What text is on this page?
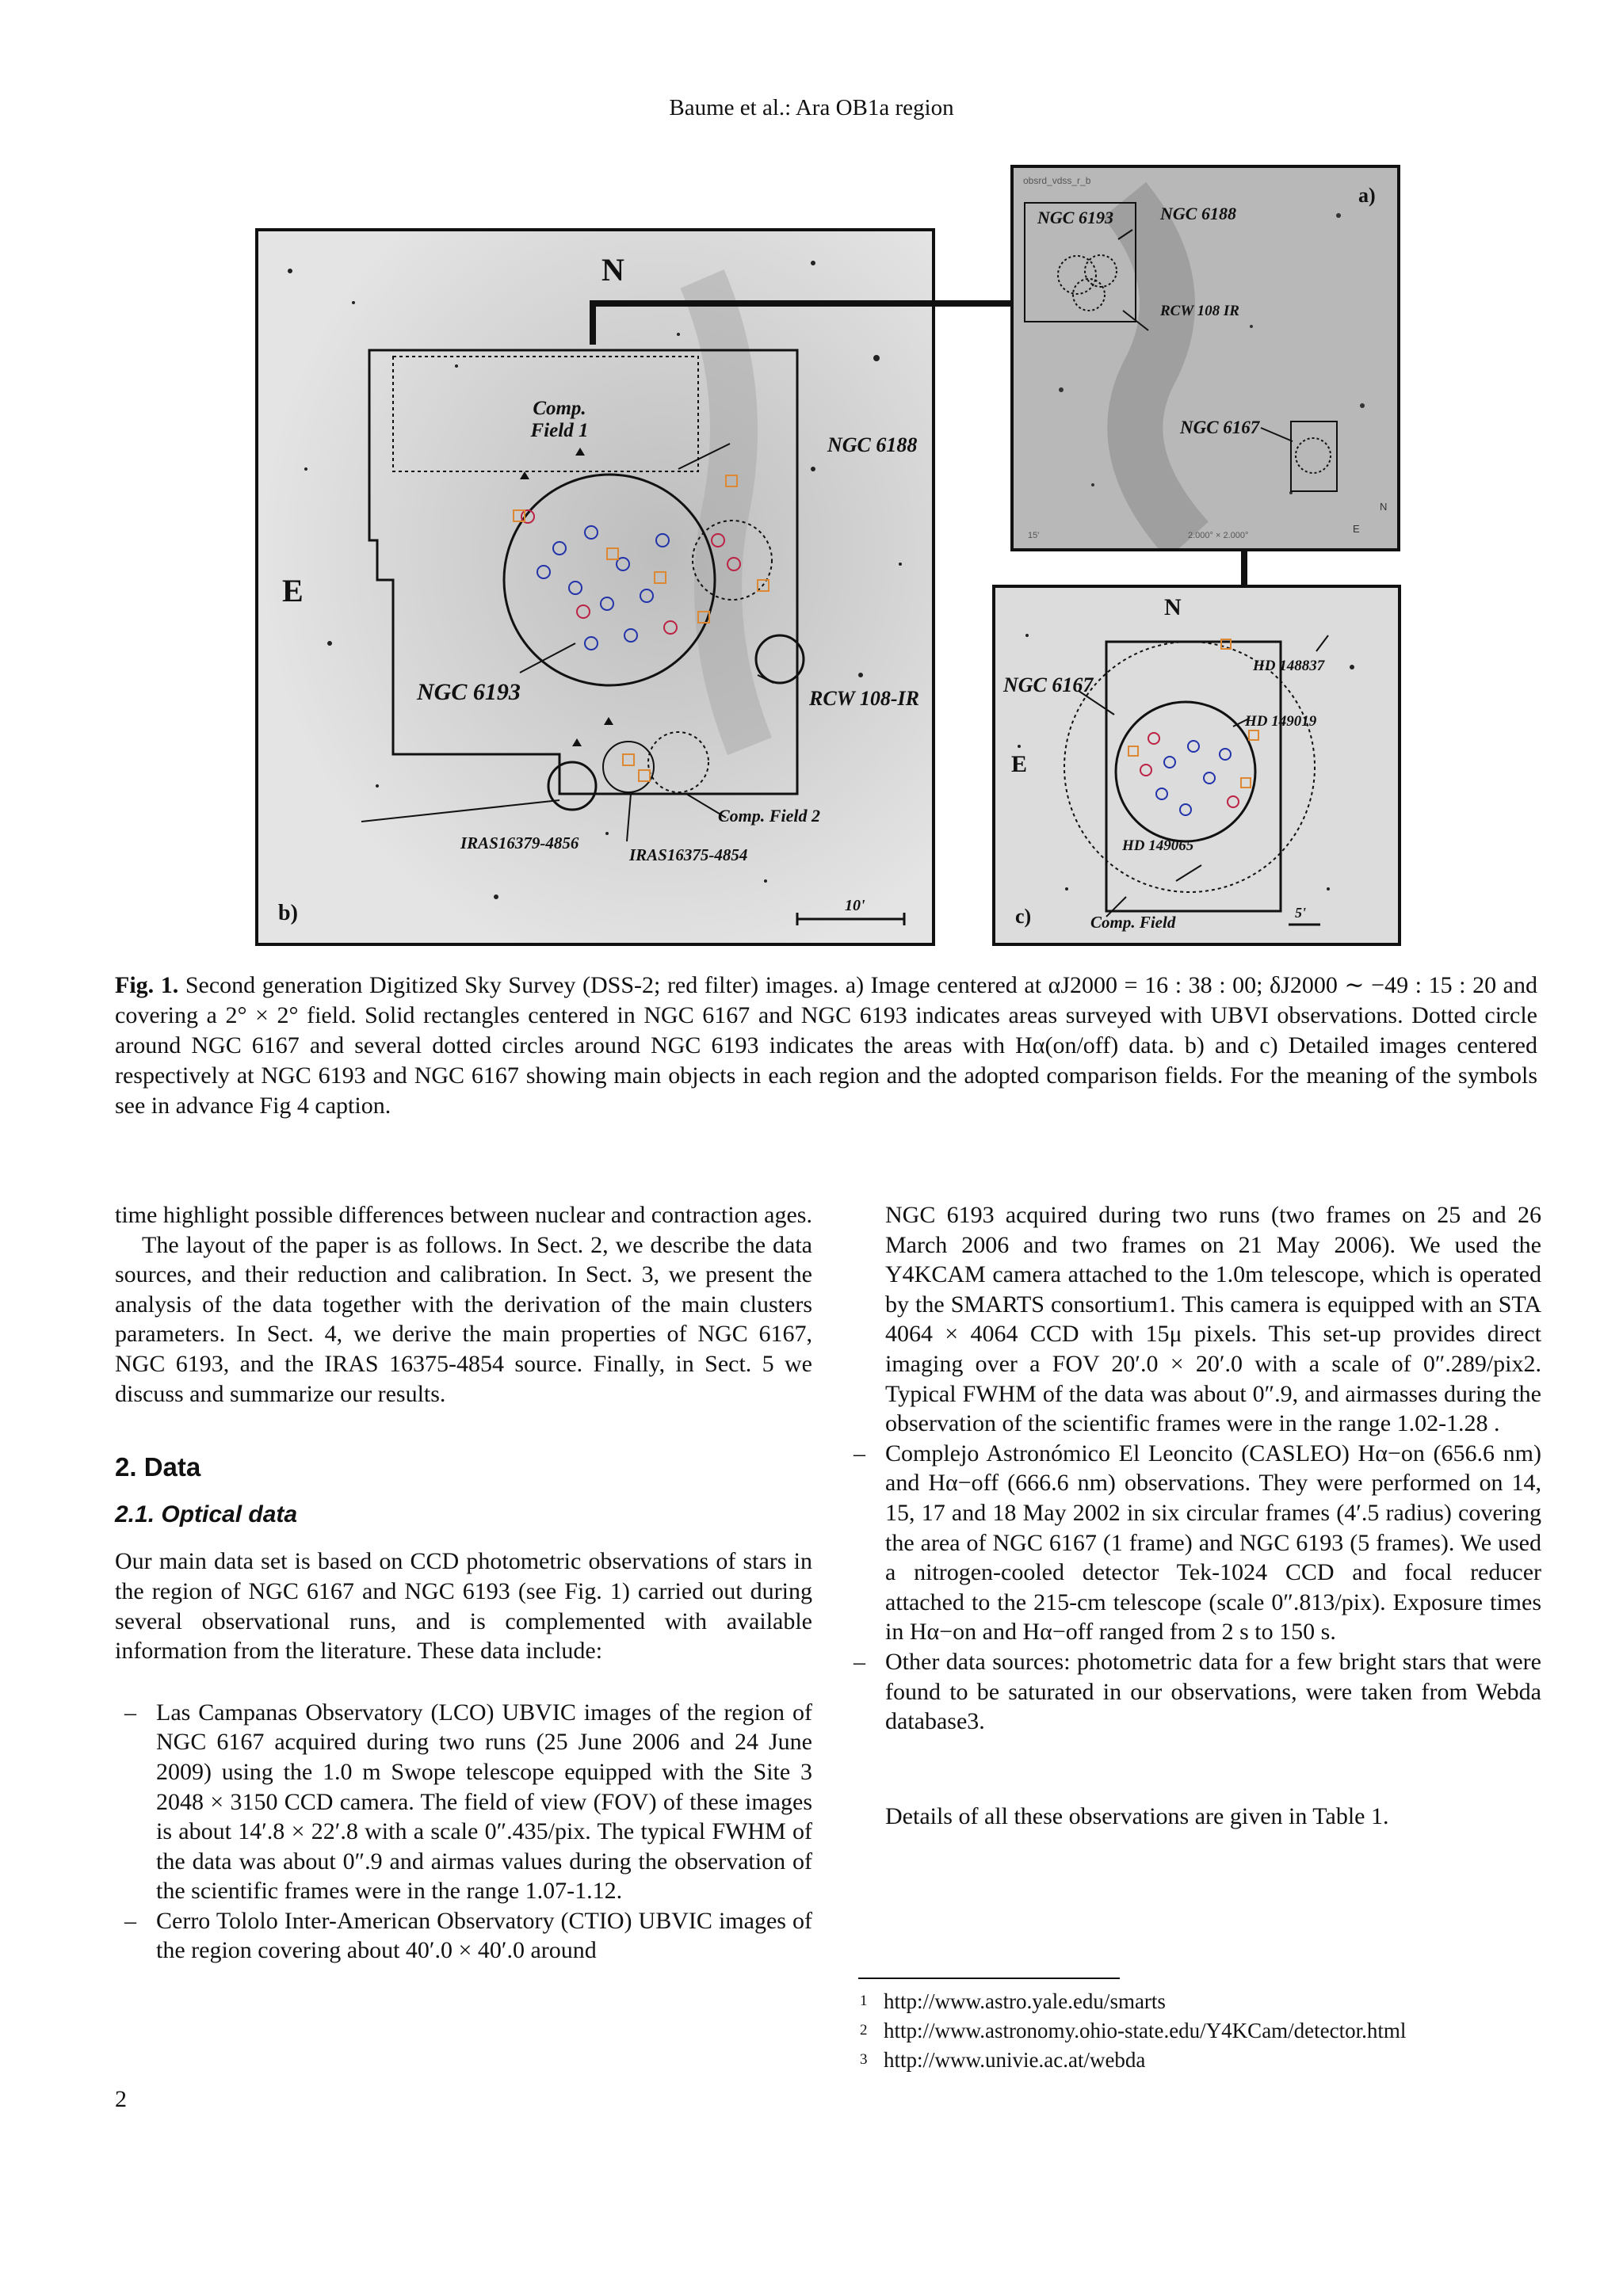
Baume et al.: Ara OB1a region
N
E
Comp. Field 1
NGC 6188
NGC 6193	RCW 108-IR
Comp. Field 2
IRAS16379-4856
IRAS16375-4854
10'
b)
obsrd_vdss_r_b
15'	2.000° × 2.000°
E
N
NGC 6193	NGC 6188
RCW 108 IR
NGC 6167
a)
N
E
HD 148837
NGC 6167
HD 149019
HD 149065
Comp. Field	5'
c)
Fig. 1. Second generation Digitized Sky Survey (DSS-2; red filter) images. a) Image centered at αJ2000 = 16 : 38 : 00; δJ2000 ∼ −49 : 15 : 20 and covering a 2° × 2° field. Solid rectangles centered in NGC 6167 and NGC 6193 indicates areas surveyed with UBVI observations. Dotted circle around NGC 6167 and several dotted circles around NGC 6193 indicates the areas with Hα(on/off) data. b) and c) Detailed images centered respectively at NGC 6193 and NGC 6167 showing main objects in each region and the adopted comparison fields. For the meaning of the symbols see in advance Fig 4 caption.

time highlight possible differences between nuclear and contraction ages.

The layout of the paper is as follows. In Sect. 2, we describe the data sources, and their reduction and calibration. In Sect. 3, we present the analysis of the data together with the derivation of the main clusters parameters. In Sect. 4, we derive the main properties of NGC 6167, NGC 6193, and the IRAS 16375-4854 source. Finally, in Sect. 5 we discuss and summarize our results.

2. Data
2.1. Optical data

Our main data set is based on CCD photometric observations of stars in the region of NGC 6167 and NGC 6193 (see Fig. 1) carried out during several observational runs, and is complemented with available information from the literature. These data include:

– Las Campanas Observatory (LCO) UBVIC images of the region of NGC 6167 acquired during two runs (25 June 2006 and 24 June 2009) using the 1.0 m Swope telescope equipped with the Site 3 2048 × 3150 CCD camera. The field of view (FOV) of these images is about 14′.8 × 22′.8 with a scale 0″.435/pix. The typical FWHM of the data was about 0″.9 and airmas values during the observation of the scientific frames were in the range 1.07-1.12.
– Cerro Tololo Inter-American Observatory (CTIO) UBVIC images of the region covering about 40′.0 × 40′.0 around

NGC 6193 acquired during two runs (two frames on 25 and 26 March 2006 and two frames on 21 May 2006). We used the Y4KCAM camera attached to the 1.0m telescope, which is operated by the SMARTS consortium1. This camera is equipped with an STA 4064 × 4064 CCD with 15μ pixels. This set-up provides direct imaging over a FOV 20′.0 × 20′.0 with a scale of 0″.289/pix2. Typical FWHM of the data was about 0″.9, and airmasses during the observation of the scientific frames were in the range 1.02-1.28 .

– Complejo Astronómico El Leoncito (CASLEO) Hα−on (656.6 nm) and Hα−off (666.6 nm) observations. They were performed on 14, 15, 17 and 18 May 2002 in six circular frames (4′.5 radius) covering the area of NGC 6167 (1 frame) and NGC 6193 (5 frames). We used a nitrogen-cooled detector Tek-1024 CCD and focal reducer attached to the 215-cm telescope (scale 0″.813/pix). Exposure times in Hα−on and Hα−off ranged from 2 s to 150 s.
– Other data sources: photometric data for a few bright stars that were found to be saturated in our observations, were taken from Webda database3.

Details of all these observations are given in Table 1.

1 http://www.astro.yale.edu/smarts
2 http://www.astronomy.ohio-state.edu/Y4KCam/detector.html
3 http://www.univie.ac.at/webda
2
